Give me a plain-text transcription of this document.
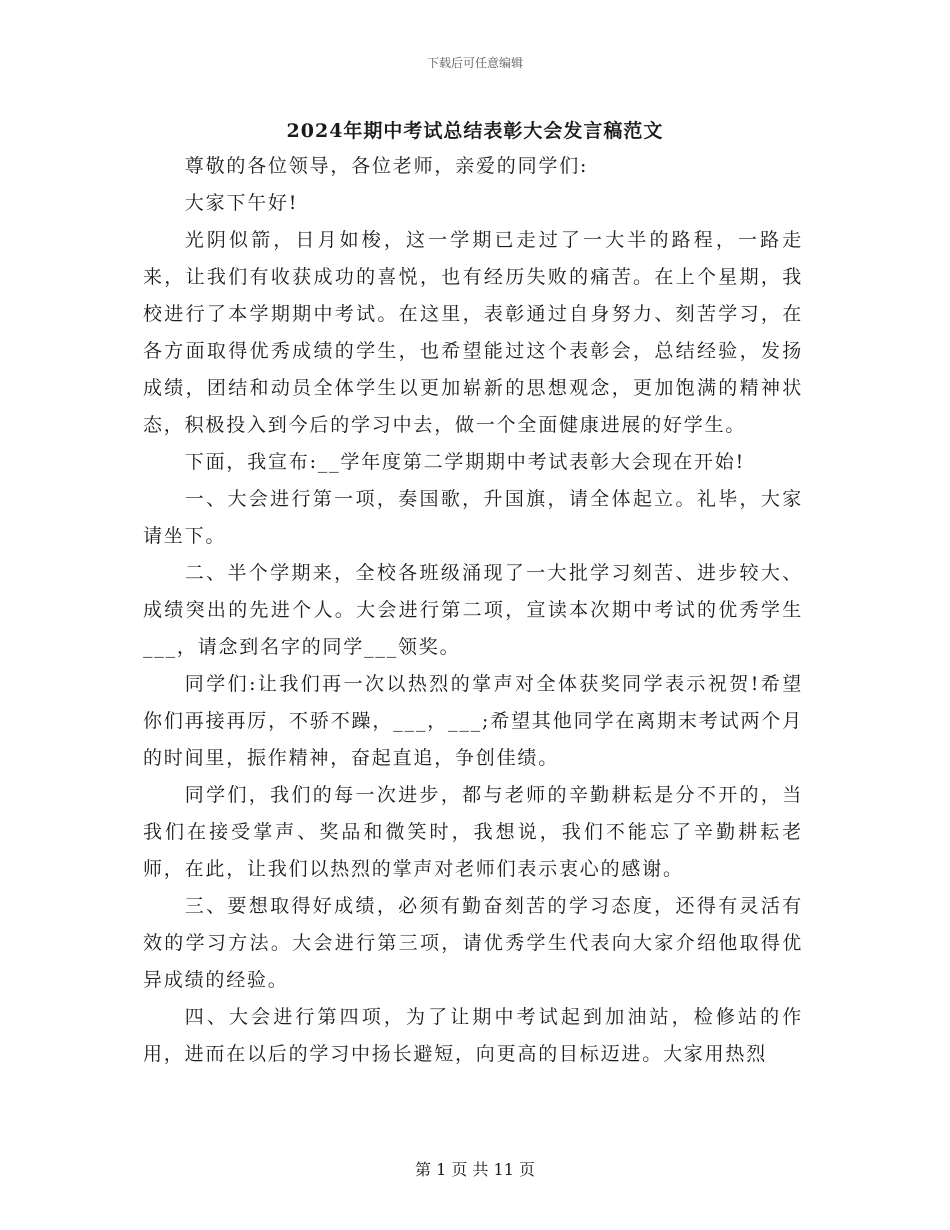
下载后可任意编辑
2024年期中考试总结表彰大会发言稿范文

尊敬的各位领导，各位老师，亲爱的同学们:

大家下午好!

光阴似箭，日月如梭，这一学期已走过了一大半的路程，一路走来，让我们有收获成功的喜悦，也有经历失败的痛苦。在上个星期，我校进行了本学期期中考试。在这里，表彰通过自身努力、刻苦学习，在各方面取得优秀成绩的学生，也希望能过这个表彰会，总结经验，发扬成绩，团结和动员全体学生以更加崭新的思想观念，更加饱满的精神状态，积极投入到今后的学习中去，做一个全面健康进展的好学生。

下面，我宣布:__学年度第二学期期中考试表彰大会现在开始!

一、大会进行第一项，奏国歌，升国旗，请全体起立。礼毕，大家请坐下。

二、半个学期来，全校各班级涌现了一大批学习刻苦、进步较大、成绩突出的先进个人。大会进行第二项，宣读本次期中考试的优秀学生___，请念到名字的同学___领奖。

同学们:让我们再一次以热烈的掌声对全体获奖同学表示祝贺!希望你们再接再厉，不骄不躁，___，___;希望其他同学在离期末考试两个月的时间里，振作精神，奋起直追，争创佳绩。

同学们，我们的每一次进步，都与老师的辛勤耕耘是分不开的，当我们在接受掌声、奖品和微笑时，我想说，我们不能忘了辛勤耕耘老师，在此，让我们以热烈的掌声对老师们表示衷心的感谢。

三、要想取得好成绩，必须有勤奋刻苦的学习态度，还得有灵活有效的学习方法。大会进行第三项，请优秀学生代表向大家介绍他取得优异成绩的经验。

四、大会进行第四项，为了让期中考试起到加油站，检修站的作用，进而在以后的学习中扬长避短，向更高的目标迈进。大家用热烈

第 1 页 共 11 页
